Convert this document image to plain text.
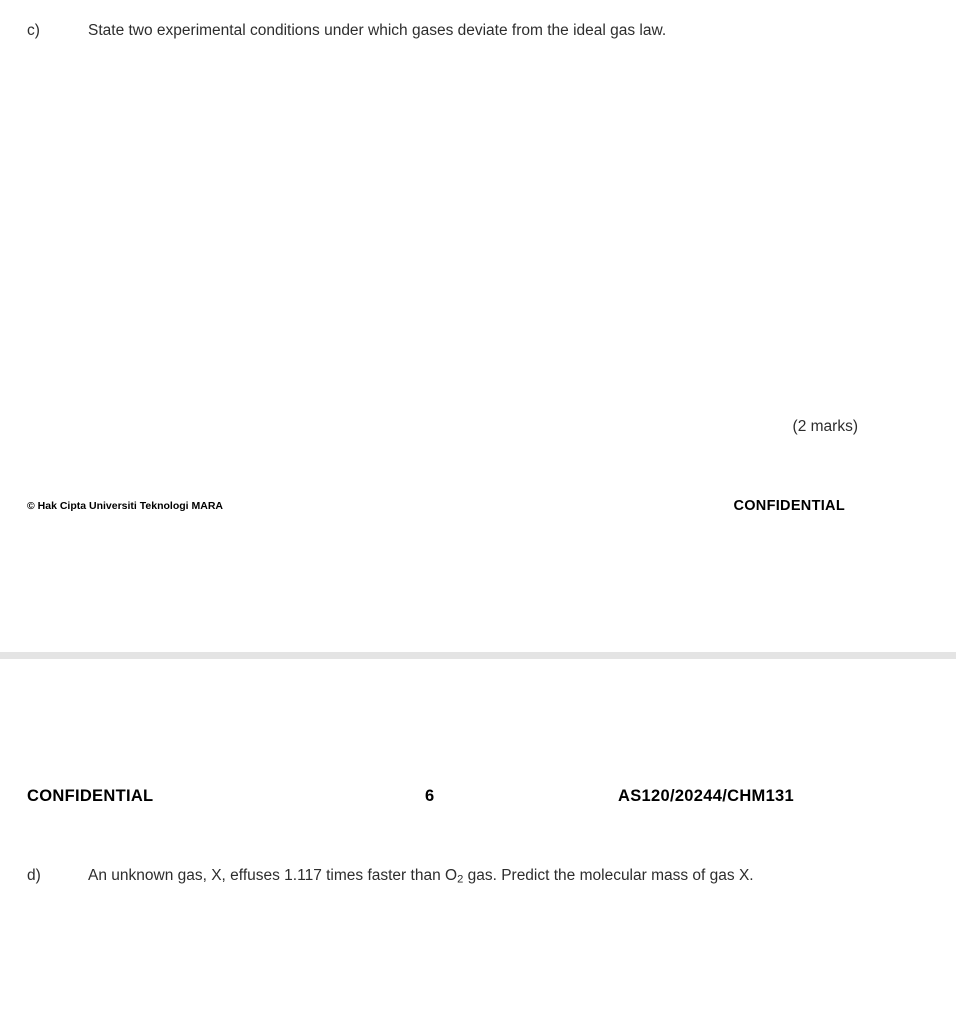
c)	State two experimental conditions under which gases deviate from the ideal gas law.
(2 marks)
© Hak Cipta Universiti Teknologi MARA	CONFIDENTIAL
CONFIDENTIAL	6	AS120/20244/CHM131
d)	An unknown gas, X, effuses 1.117 times faster than $O_2$ gas. Predict the molecular mass of gas X.
